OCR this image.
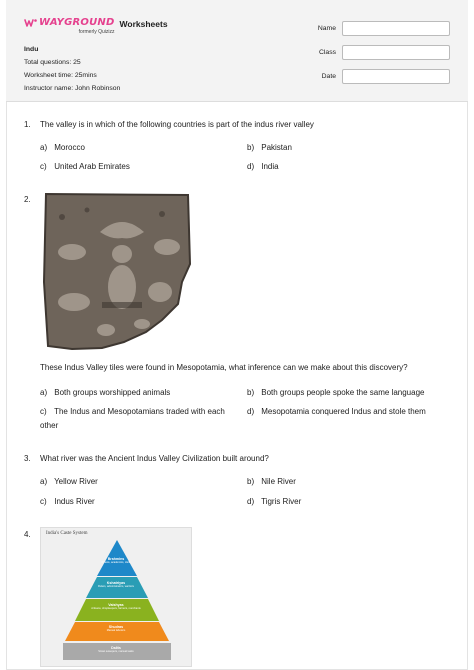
WAYGROUND
formerly Quizizz
Worksheets
Indu
Total questions: 25
Worksheet time: 25mins
Instructor name: John Robinson
Name
Class
Date
1.	The valley is in which of the following countries is part of the indus river valley
a) Morocco	b) Pakistan
c) United Arab Emirates	d) India
2.
These Indus Valley tiles were found in Mesopotamia, what inference can we make about this discovery?
a) Both groups worshipped animals	b) Both groups people spoke the same language
c) The Indus and Mesopotamians traded with each other
d) Mesopotamia conquered Indus and stole them
3.	What river was the Ancient Indus Valley Civilization built around?
a) Yellow River	b) Nile River
c) Indus River	d) Tigris River
4.	India's Caste System
Brahmins
Priests, academics, clerk
Kshatriyas
Rulers, administrators, warriors
Vaishyas
Artisans, shopkeepers, farmers, merchants
Shudras
Manual laborers
Dalits
Street sweepers, manual tasks
